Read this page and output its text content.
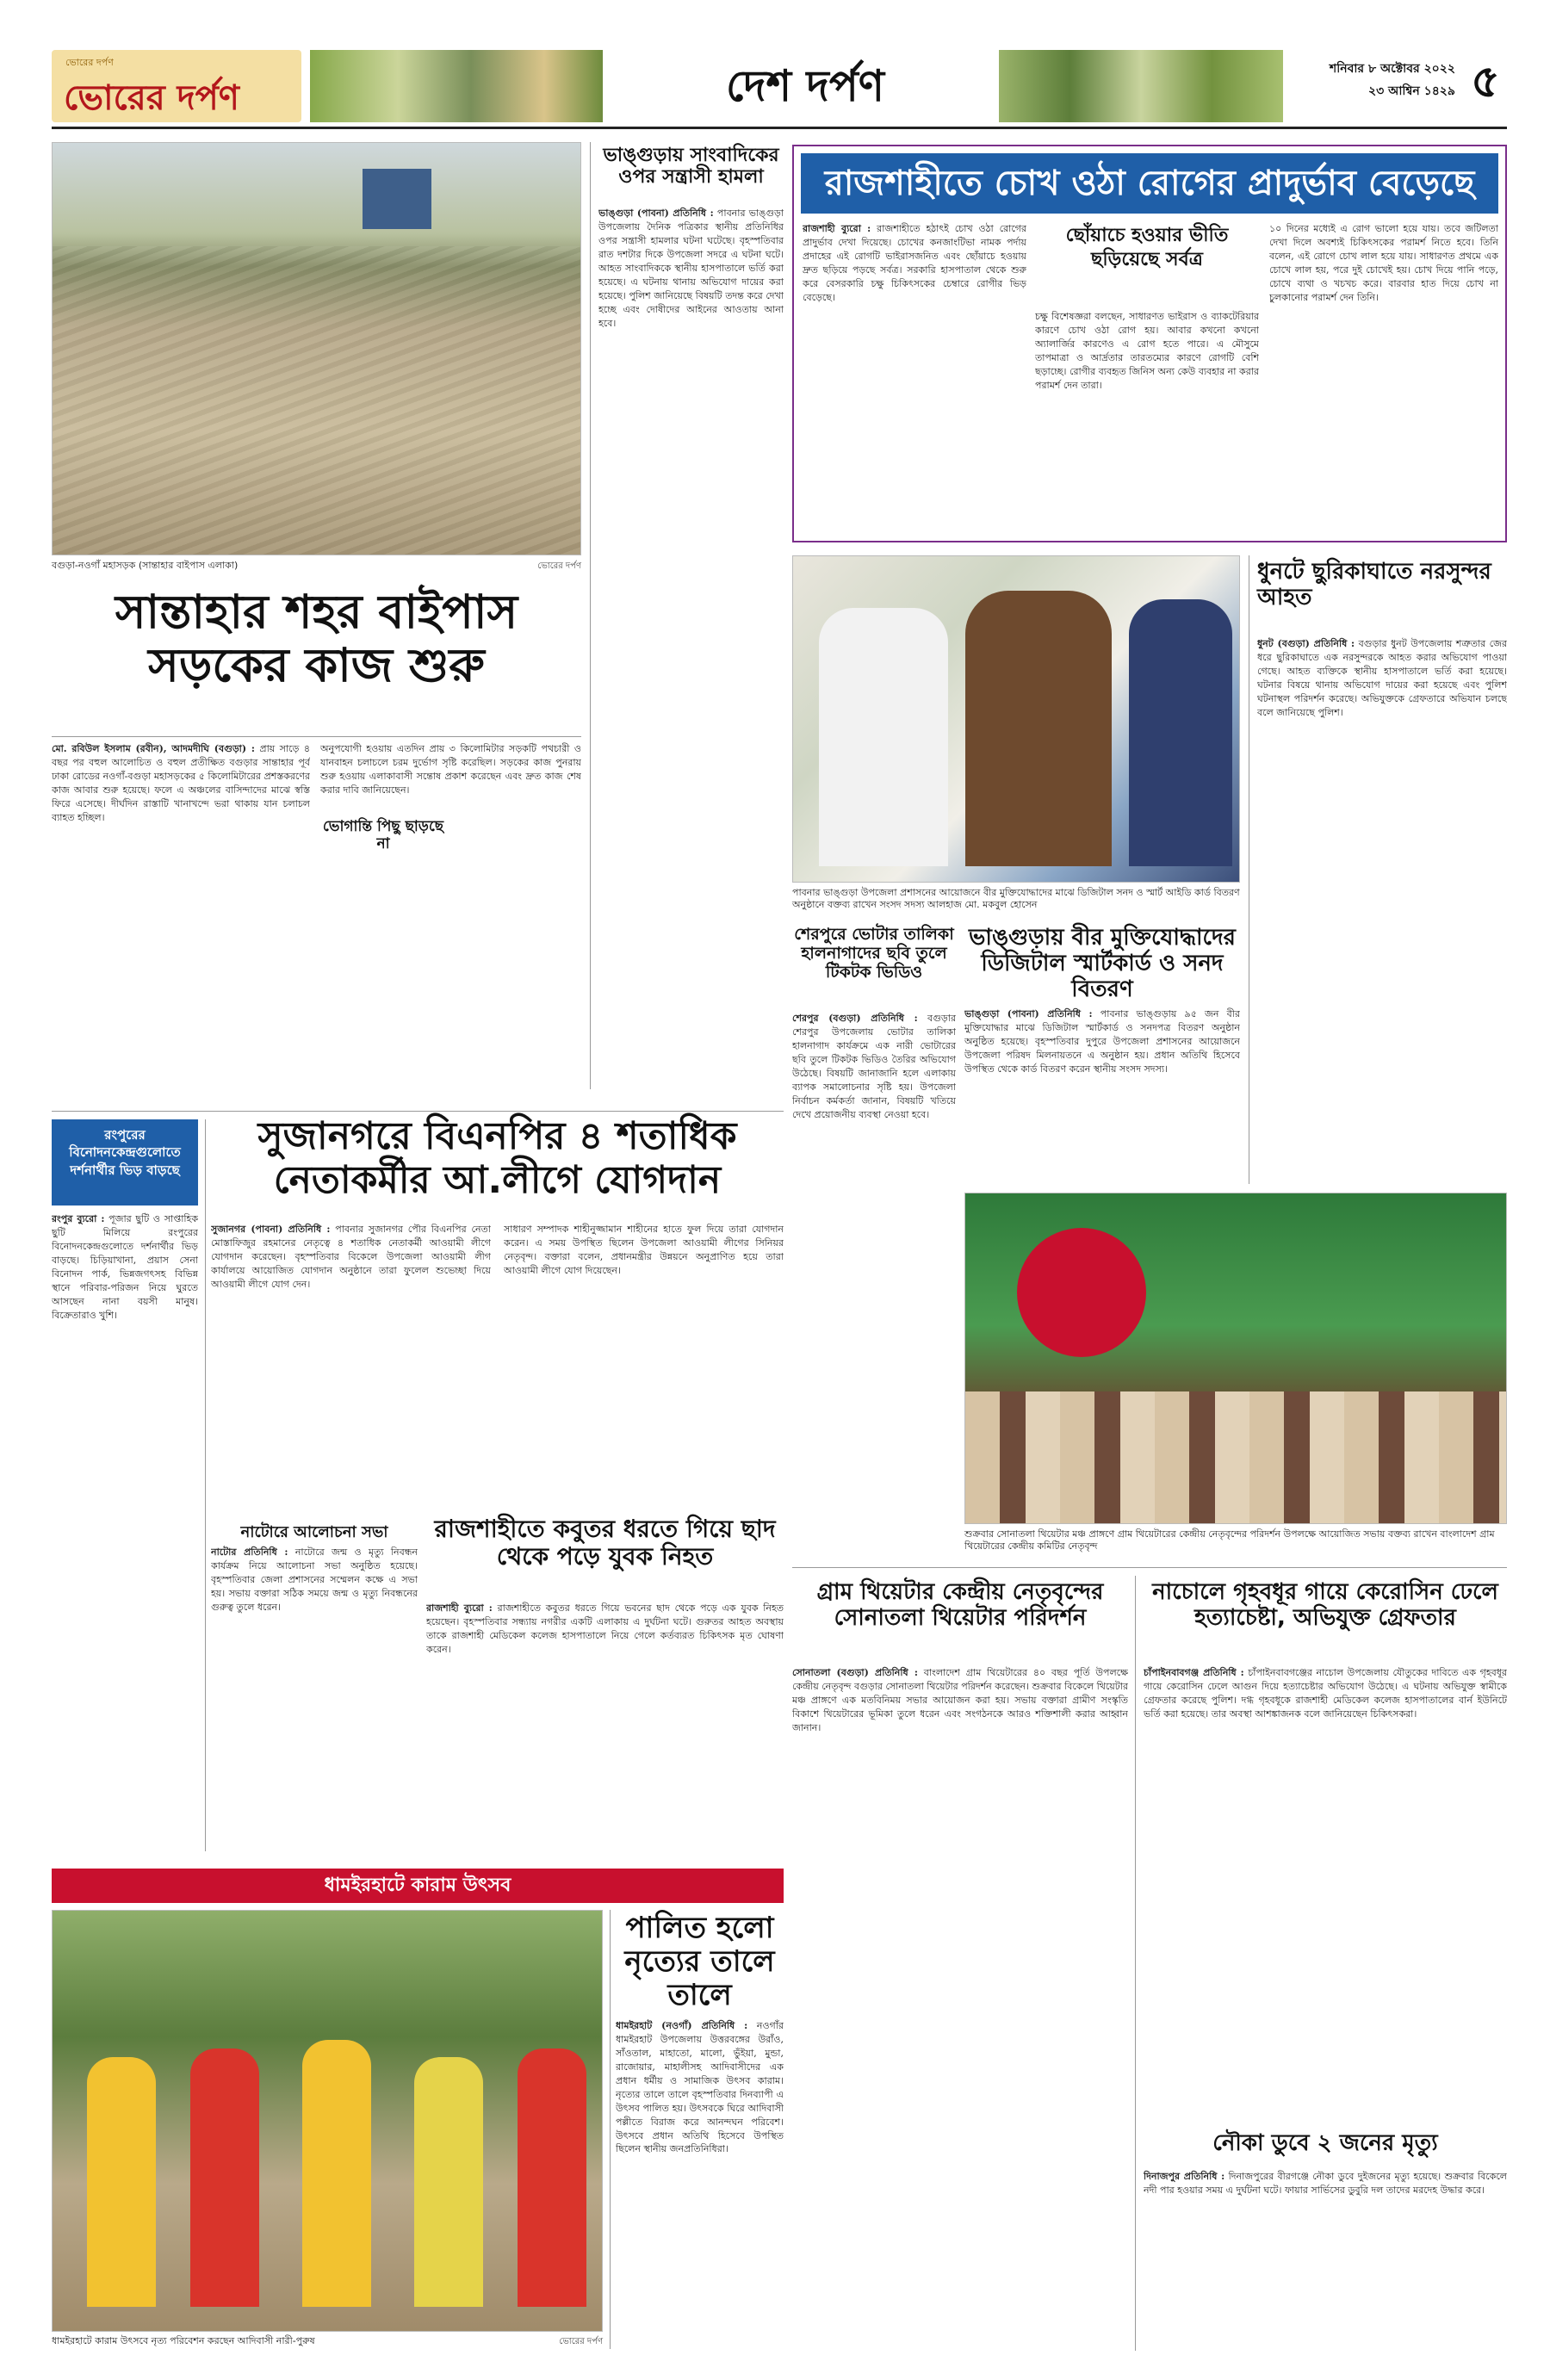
ভোরের দর্পণ
ভোরের দর্পণ	দেশ দর্পণ	শনিবার ৮ অক্টোবর ২০২২
২৩ আশ্বিন ১৪২৯ ৫
বগুড়া-নওগাঁ মহাসড়ক (সান্তাহার বাইপাস এলাকা)	ভোরের দর্পণ
সান্তাহার শহর বাইপাস সড়কের কাজ শুরু
মো. রবিউল ইসলাম (রবীন), আদমদীঘি (বগুড়া) : প্রায় সাড়ে ৪ বছর পর বহুল আলোচিত ও বহুল প্রতীক্ষিত বগুড়ার সান্তাহার পূর্ব ঢাকা রোডের নওগাঁ-বগুড়া মহাসড়কের ৫ কিলোমিটারের প্রশস্তকরণের কাজ আবার শুরু হয়েছে। ফলে এ অঞ্চলের বাসিন্দাদের মাঝে স্বস্তি ফিরে এসেছে। দীর্ঘদিন রাস্তাটি খানাখন্দে ভরা থাকায় যান চলাচল ব্যাহত হচ্ছিল।
ভোগান্তি পিছু ছাড়ছে না
অনুপযোগী হওয়ায় এতদিন প্রায় ৩ কিলোমিটার সড়কটি পথচারী ও যানবাহন চলাচলে চরম দুর্ভোগ সৃষ্টি করেছিল। সড়কের কাজ পুনরায় শুরু হওয়ায় এলাকাবাসী সন্তোষ প্রকাশ করেছেন এবং দ্রুত কাজ শেষ করার দাবি জানিয়েছেন।
ভাঙ্গুড়ায় সাংবাদিকের ওপর সন্ত্রাসী হামলা
ভাঙ্গুড়া (পাবনা) প্রতিনিধি : পাবনার ভাঙ্গুড়া উপজেলায় দৈনিক পত্রিকার স্থানীয় প্রতিনিধির ওপর সন্ত্রাসী হামলার ঘটনা ঘটেছে। বৃহস্পতিবার রাত দশটার দিকে উপজেলা সদরে এ ঘটনা ঘটে। আহত সাংবাদিককে স্থানীয় হাসপাতালে ভর্তি করা হয়েছে। এ ঘটনায় থানায় অভিযোগ দায়ের করা হয়েছে। পুলিশ জানিয়েছে বিষয়টি তদন্ত করে দেখা হচ্ছে এবং দোষীদের আইনের আওতায় আনা হবে।
রাজশাহীতে চোখ ওঠা রোগের প্রাদুর্ভাব বেড়েছে
রাজশাহী ব্যুরো : রাজশাহীতে হঠাৎই চোখ ওঠা রোগের প্রাদুর্ভাব দেখা দিয়েছে। চোখের কনজাংটিভা নামক পর্দায় প্রদাহের এই রোগটি ভাইরাসজনিত এবং ছোঁয়াচে হওয়ায় দ্রুত ছড়িয়ে পড়ছে সর্বত্র। সরকারি হাসপাতাল থেকে শুরু করে বেসরকারি চক্ষু চিকিৎসকের চেম্বারে রোগীর ভিড় বেড়েছে।
ছোঁয়াচে হওয়ার ভীতি ছড়িয়েছে সর্বত্র
চক্ষু বিশেষজ্ঞরা বলছেন, সাধারণত ভাইরাস ও ব্যাকটেরিয়ার কারণে চোখ ওঠা রোগ হয়। আবার কখনো কখনো অ্যালার্জির কারণেও এ রোগ হতে পারে। এ মৌসুমে তাপমাত্রা ও আর্দ্রতার তারতম্যের কারণে রোগটি বেশি ছড়াচ্ছে। রোগীর ব্যবহৃত জিনিস অন্য কেউ ব্যবহার না করার পরামর্শ দেন তারা।
১০ দিনের মধ্যেই এ রোগ ভালো হয়ে যায়। তবে জটিলতা দেখা দিলে অবশ্যই চিকিৎসকের পরামর্শ নিতে হবে। তিনি বলেন, এই রোগে চোখ লাল হয়ে যায়। সাধারণত প্রথমে এক চোখে লাল হয়, পরে দুই চোখেই হয়। চোখ দিয়ে পানি পড়ে, চোখে ব্যথা ও খচখচ করে। বারবার হাত দিয়ে চোখ না চুলকানোর পরামর্শ দেন তিনি।
পাবনার ভাঙ্গুড়া উপজেলা প্রশাসনের আয়োজনে বীর মুক্তিযোদ্ধাদের মাঝে ডিজিটাল সনদ ও স্মার্ট আইডি কার্ড বিতরণ অনুষ্ঠানে বক্তব্য রাখেন সংসদ সদস্য আলহাজ মো. মকবুল হোসেন
ধুনটে ছুরিকাঘাতে নরসুন্দর আহত
ধুনট (বগুড়া) প্রতিনিধি : বগুড়ার ধুনট উপজেলায় শত্রুতার জের ধরে ছুরিকাঘাতে এক নরসুন্দরকে আহত করার অভিযোগ পাওয়া গেছে। আহত ব্যক্তিকে স্থানীয় হাসপাতালে ভর্তি করা হয়েছে। ঘটনার বিষয়ে থানায় অভিযোগ দায়ের করা হয়েছে এবং পুলিশ ঘটনাস্থল পরিদর্শন করেছে। অভিযুক্তকে গ্রেফতারে অভিযান চলছে বলে জানিয়েছে পুলিশ।
শেরপুরে ভোটার তালিকা হালনাগাদের ছবি তুলে টিকটক ভিডিও
শেরপুর (বগুড়া) প্রতিনিধি : বগুড়ার শেরপুর উপজেলায় ভোটার তালিকা হালনাগাদ কার্যক্রমে এক নারী ভোটারের ছবি তুলে টিকটক ভিডিও তৈরির অভিযোগ উঠেছে। বিষয়টি জানাজানি হলে এলাকায় ব্যাপক সমালোচনার সৃষ্টি হয়। উপজেলা নির্বাচন কর্মকর্তা জানান, বিষয়টি খতিয়ে দেখে প্রয়োজনীয় ব্যবস্থা নেওয়া হবে।
ভাঙ্গুড়ায় বীর মুক্তিযোদ্ধাদের ডিজিটাল স্মার্টকার্ড ও সনদ বিতরণ
ভাঙ্গুড়া (পাবনা) প্রতিনিধি : পাবনার ভাঙ্গুড়ায় ৯৫ জন বীর মুক্তিযোদ্ধার মাঝে ডিজিটাল স্মার্টকার্ড ও সনদপত্র বিতরণ অনুষ্ঠান অনুষ্ঠিত হয়েছে। বৃহস্পতিবার দুপুরে উপজেলা প্রশাসনের আয়োজনে উপজেলা পরিষদ মিলনায়তনে এ অনুষ্ঠান হয়। প্রধান অতিথি হিসেবে উপস্থিত থেকে কার্ড বিতরণ করেন স্থানীয় সংসদ সদস্য।
রংপুরের বিনোদনকেন্দ্রগুলোতে দর্শনার্থীর ভিড় বাড়ছে
রংপুর ব্যুরো : পূজার ছুটি ও সাপ্তাহিক ছুটি মিলিয়ে রংপুরের বিনোদনকেন্দ্রগুলোতে দর্শনার্থীর ভিড় বাড়ছে। চিড়িয়াখানা, প্রয়াস সেনা বিনোদন পার্ক, ভিন্নজগৎসহ বিভিন্ন স্থানে পরিবার-পরিজন নিয়ে ঘুরতে আসছেন নানা বয়সী মানুষ। বিক্রেতারাও খুশি।
সুজানগরে বিএনপির ৪ শতাধিক নেতাকর্মীর আ.লীগে যোগদান
সুজানগর (পাবনা) প্রতিনিধি : পাবনার সুজানগর পৌর বিএনপির নেতা মোস্তাফিজুর রহমানের নেতৃত্বে ৪ শতাধিক নেতাকর্মী আওয়ামী লীগে যোগদান করেছেন। বৃহস্পতিবার বিকেলে উপজেলা আওয়ামী লীগ কার্যালয়ে আয়োজিত যোগদান অনুষ্ঠানে তারা ফুলেল শুভেচ্ছা দিয়ে আওয়ামী লীগে যোগ দেন।
সাধারণ সম্পাদক শাহীনুজ্জামান শাহীনের হাতে ফুল দিয়ে তারা যোগদান করেন। এ সময় উপস্থিত ছিলেন উপজেলা আওয়ামী লীগের সিনিয়র নেতৃবৃন্দ। বক্তারা বলেন, প্রধানমন্ত্রীর উন্নয়নে অনুপ্রাণিত হয়ে তারা আওয়ামী লীগে যোগ দিয়েছেন।
নাটোরে আলোচনা সভা
নাটোর প্রতিনিধি : নাটোরে জন্ম ও মৃত্যু নিবন্ধন কার্যক্রম নিয়ে আলোচনা সভা অনুষ্ঠিত হয়েছে। বৃহস্পতিবার জেলা প্রশাসনের সম্মেলন কক্ষে এ সভা হয়। সভায় বক্তারা সঠিক সময়ে জন্ম ও মৃত্যু নিবন্ধনের গুরুত্ব তুলে ধরেন।
রাজশাহীতে কবুতর ধরতে গিয়ে ছাদ থেকে পড়ে যুবক নিহত
রাজশাহী ব্যুরো : রাজশাহীতে কবুতর ধরতে গিয়ে ভবনের ছাদ থেকে পড়ে এক যুবক নিহত হয়েছেন। বৃহস্পতিবার সন্ধ্যায় নগরীর একটি এলাকায় এ দুর্ঘটনা ঘটে। গুরুতর আহত অবস্থায় তাকে রাজশাহী মেডিকেল কলেজ হাসপাতালে নিয়ে গেলে কর্তব্যরত চিকিৎসক মৃত ঘোষণা করেন।
শুক্রবার সোনাতলা থিয়েটার মঞ্চ প্রাঙ্গণে গ্রাম থিয়েটারের কেন্দ্রীয় নেতৃবৃন্দের পরিদর্শন উপলক্ষে আয়োজিত সভায় বক্তব্য রাখেন বাংলাদেশ গ্রাম থিয়েটারের কেন্দ্রীয় কমিটির নেতৃবৃন্দ
গ্রাম থিয়েটার কেন্দ্রীয় নেতৃবৃন্দের সোনাতলা থিয়েটার পরিদর্শন
সোনাতলা (বগুড়া) প্রতিনিধি : বাংলাদেশ গ্রাম থিয়েটারের ৪০ বছর পূর্তি উপলক্ষে কেন্দ্রীয় নেতৃবৃন্দ বগুড়ার সোনাতলা থিয়েটার পরিদর্শন করেছেন। শুক্রবার বিকেলে থিয়েটার মঞ্চ প্রাঙ্গণে এক মতবিনিময় সভার আয়োজন করা হয়। সভায় বক্তারা গ্রামীণ সংস্কৃতি বিকাশে থিয়েটারের ভূমিকা তুলে ধরেন এবং সংগঠনকে আরও শক্তিশালী করার আহ্বান জানান।
নাচোলে গৃহবধূর গায়ে কেরোসিন ঢেলে হত্যাচেষ্টা, অভিযুক্ত গ্রেফতার
চাঁপাইনবাবগঞ্জ প্রতিনিধি : চাঁপাইনবাবগঞ্জের নাচোল উপজেলায় যৌতুকের দাবিতে এক গৃহবধূর গায়ে কেরোসিন ঢেলে আগুন দিয়ে হত্যাচেষ্টার অভিযোগ উঠেছে। এ ঘটনায় অভিযুক্ত স্বামীকে গ্রেফতার করেছে পুলিশ। দগ্ধ গৃহবধূকে রাজশাহী মেডিকেল কলেজ হাসপাতালের বার্ন ইউনিটে ভর্তি করা হয়েছে। তার অবস্থা আশঙ্কাজনক বলে জানিয়েছেন চিকিৎসকরা।
নৌকা ডুবে ২ জনের মৃত্যু
দিনাজপুর প্রতিনিধি : দিনাজপুরের বীরগঞ্জে নৌকা ডুবে দুইজনের মৃত্যু হয়েছে। শুক্রবার বিকেলে নদী পার হওয়ার সময় এ দুর্ঘটনা ঘটে। ফায়ার সার্ভিসের ডুবুরি দল তাদের মরদেহ উদ্ধার করে।
ধামইরহাটে কারাম উৎসব
ধামইরহাটে কারাম উৎসবে নৃত্য পরিবেশন করছেন আদিবাসী নারী-পুরুষ	ভোরের দর্পণ
পালিত হলো নৃত্যের তালে তালে
ধামইরহাট (নওগাঁ) প্রতিনিধি : নওগাঁর ধামইরহাট উপজেলায় উত্তরবঙ্গের উরাঁও, সাঁওতাল, মাহাতো, মালো, ভুঁইয়া, মুন্ডা, রাজোয়ার, মাহালীসহ আদিবাসীদের এক প্রধান ধর্মীয় ও সামাজিক উৎসব কারাম। নৃত্যের তালে তালে বৃহস্পতিবার দিনব্যাপী এ উৎসব পালিত হয়। উৎসবকে ঘিরে আদিবাসী পল্লীতে বিরাজ করে আনন্দঘন পরিবেশ। উৎসবে প্রধান অতিথি হিসেবে উপস্থিত ছিলেন স্থানীয় জনপ্রতিনিধিরা।
